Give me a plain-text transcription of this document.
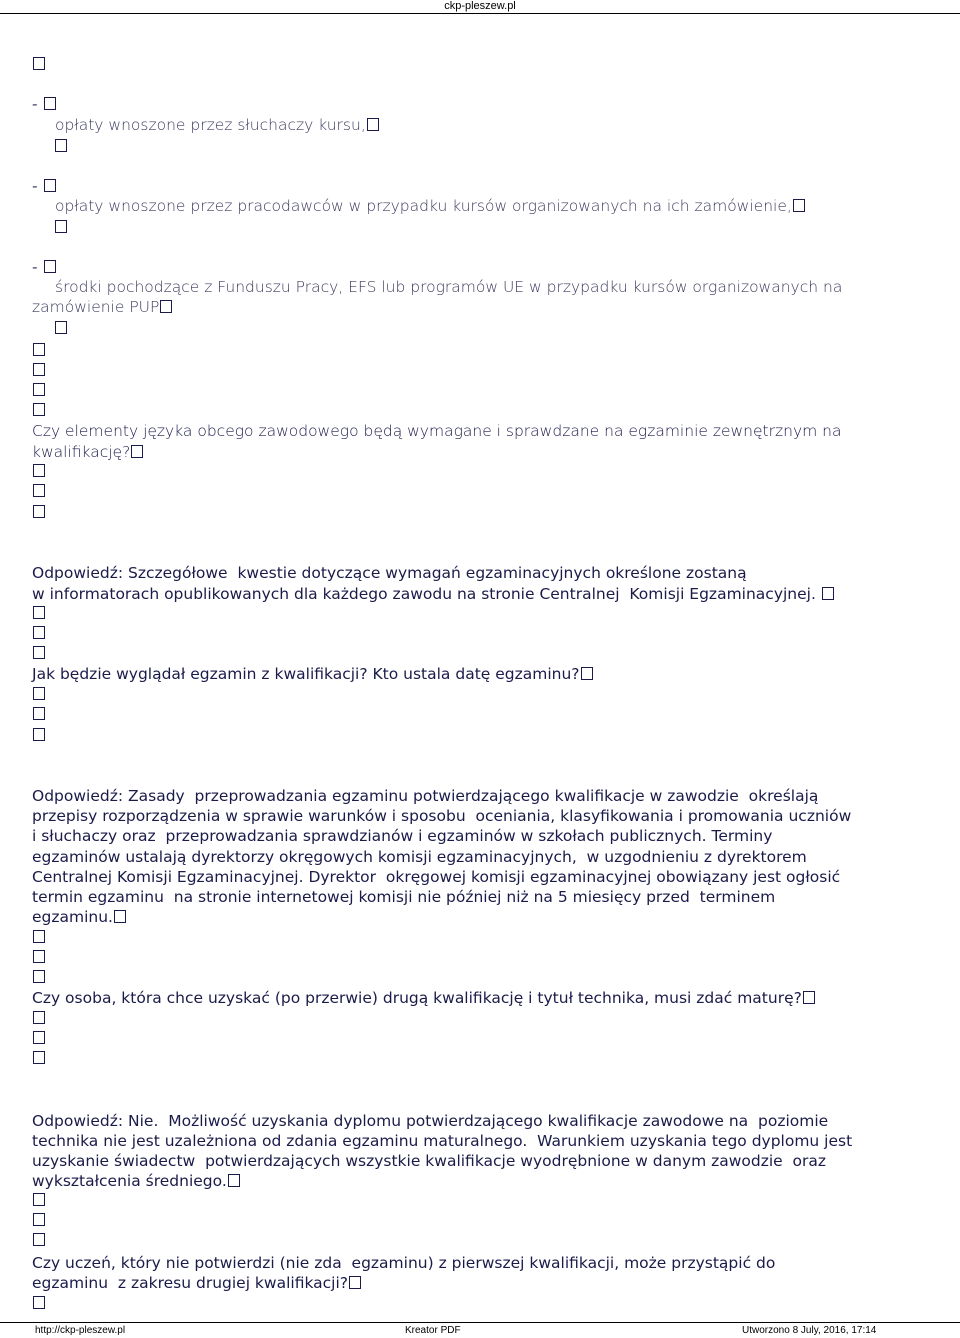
ckp-pleszew.pl
-
opłaty wnoszone przez słuchaczy kursu,
-
opłaty wnoszone przez pracodawców w przypadku kursów organizowanych na ich zamówienie,
-
środki pochodzące z Funduszu Pracy, EFS lub programów UE w przypadku kursów organizowanych na
zamówienie PUP
Czy elementy języka obcego zawodowego będą wymagane i sprawdzane na egzaminie zewnętrznym na
kwalifikację?
Odpowiedź: Szczegółowe  kwestie dotyczące wymagań egzaminacyjnych określone zostaną
w informatorach opublikowanych dla każdego zawodu na stronie Centralnej  Komisji Egzaminacyjnej.
Jak będzie wyglądał egzamin z kwalifikacji? Kto ustala datę egzaminu?
Odpowiedź: Zasady  przeprowadzania egzaminu potwierdzającego kwalifikacje w zawodzie  określają
przepisy rozporządzenia w sprawie warunków i sposobu  oceniania, klasyfikowania i promowania uczniów
i słuchaczy oraz  przeprowadzania sprawdzianów i egzaminów w szkołach publicznych. Terminy
egzaminów ustalają dyrektorzy okręgowych komisji egzaminacyjnych,  w uzgodnieniu z dyrektorem
Centralnej Komisji Egzaminacyjnej. Dyrektor  okręgowej komisji egzaminacyjnej obowiązany jest ogłosić
termin egzaminu  na stronie internetowej komisji nie później niż na 5 miesięcy przed  terminem
egzaminu.
Czy osoba, która chce uzyskać (po przerwie) drugą kwalifikację i tytuł technika, musi zdać maturę?
Odpowiedź: Nie.  Możliwość uzyskania dyplomu potwierdzającego kwalifikacje zawodowe na  poziomie
technika nie jest uzależniona od zdania egzaminu maturalnego.  Warunkiem uzyskania tego dyplomu jest
uzyskanie świadectw  potwierdzających wszystkie kwalifikacje wyodrębnione w danym zawodzie  oraz
wykształcenia średniego.
Czy uczeń, który nie potwierdzi (nie zda  egzaminu) z pierwszej kwalifikacji, może przystąpić do
egzaminu  z zakresu drugiej kwalifikacji?
http://ckp-pleszew.pl	Kreator PDF	Utworzono 8 July, 2016, 17:14
